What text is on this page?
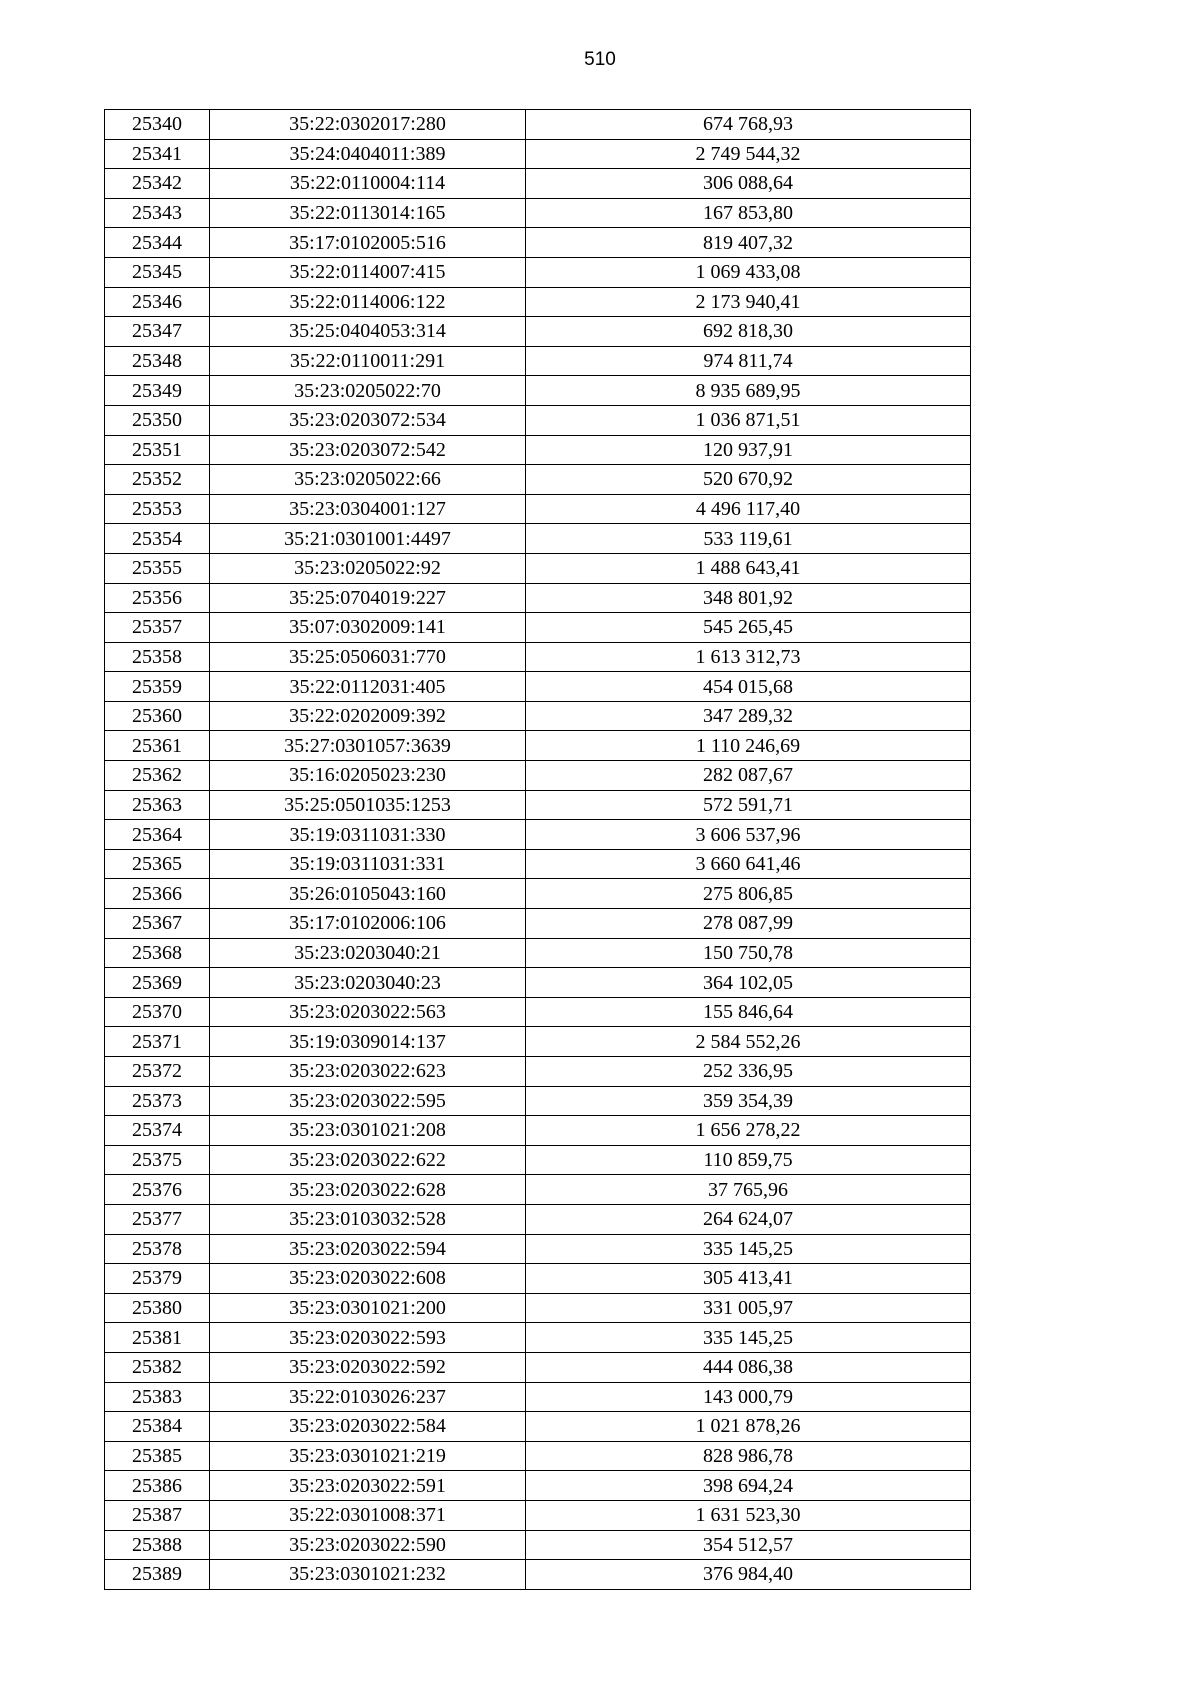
510
25340	35:22:0302017:280	674 768,93
25341	35:24:0404011:389	2 749 544,32
25342	35:22:0110004:114	306 088,64
25343	35:22:0113014:165	167 853,80
25344	35:17:0102005:516	819 407,32
25345	35:22:0114007:415	1 069 433,08
25346	35:22:0114006:122	2 173 940,41
25347	35:25:0404053:314	692 818,30
25348	35:22:0110011:291	974 811,74
25349	35:23:0205022:70	8 935 689,95
25350	35:23:0203072:534	1 036 871,51
25351	35:23:0203072:542	120 937,91
25352	35:23:0205022:66	520 670,92
25353	35:23:0304001:127	4 496 117,40
25354	35:21:0301001:4497	533 119,61
25355	35:23:0205022:92	1 488 643,41
25356	35:25:0704019:227	348 801,92
25357	35:07:0302009:141	545 265,45
25358	35:25:0506031:770	1 613 312,73
25359	35:22:0112031:405	454 015,68
25360	35:22:0202009:392	347 289,32
25361	35:27:0301057:3639	1 110 246,69
25362	35:16:0205023:230	282 087,67
25363	35:25:0501035:1253	572 591,71
25364	35:19:0311031:330	3 606 537,96
25365	35:19:0311031:331	3 660 641,46
25366	35:26:0105043:160	275 806,85
25367	35:17:0102006:106	278 087,99
25368	35:23:0203040:21	150 750,78
25369	35:23:0203040:23	364 102,05
25370	35:23:0203022:563	155 846,64
25371	35:19:0309014:137	2 584 552,26
25372	35:23:0203022:623	252 336,95
25373	35:23:0203022:595	359 354,39
25374	35:23:0301021:208	1 656 278,22
25375	35:23:0203022:622	110 859,75
25376	35:23:0203022:628	37 765,96
25377	35:23:0103032:528	264 624,07
25378	35:23:0203022:594	335 145,25
25379	35:23:0203022:608	305 413,41
25380	35:23:0301021:200	331 005,97
25381	35:23:0203022:593	335 145,25
25382	35:23:0203022:592	444 086,38
25383	35:22:0103026:237	143 000,79
25384	35:23:0203022:584	1 021 878,26
25385	35:23:0301021:219	828 986,78
25386	35:23:0203022:591	398 694,24
25387	35:22:0301008:371	1 631 523,30
25388	35:23:0203022:590	354 512,57
25389	35:23:0301021:232	376 984,40
